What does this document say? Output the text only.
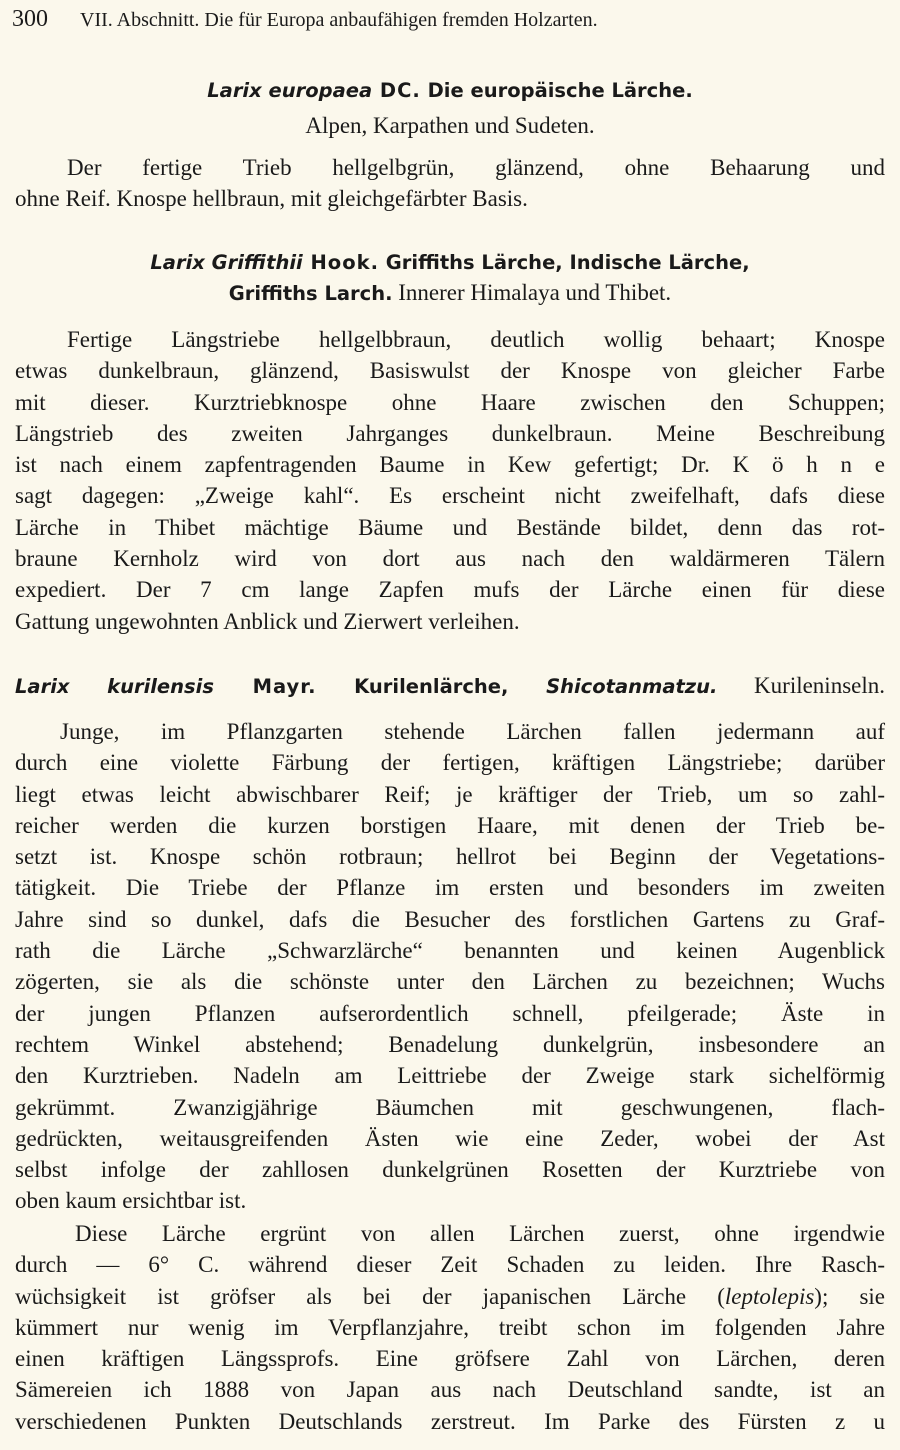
300 VII. Abschnitt. Die für Europa anbaufähigen fremden Holzarten.
Larix europaea DC. Die europäische Lärche.
Alpen, Karpathen und Sudeten.
Der fertige Trieb hellgelbgrün, glänzend, ohne Behaarung und
ohne Reif. Knospe hellbraun, mit gleichgefärbter Basis.
Larix Griffithii Hook. Griffiths Lärche, Indische Lärche,
Griffiths Larch. Innerer Himalaya und Thibet.
Fertige Längstriebe hellgelbbraun, deutlich wollig behaart; Knospe
etwas dunkelbraun, glänzend, Basiswulst der Knospe von gleicher Farbe
mit dieser. Kurztriebknospe ohne Haare zwischen den Schuppen;
Längstrieb des zweiten Jahrganges dunkelbraun. Meine Beschreibung
ist nach einem zapfentragenden Baume in Kew gefertigt; Dr. K ö h n e
sagt dagegen: „Zweige kahl“. Es erscheint nicht zweifelhaft, dafs diese
Lärche in Thibet mächtige Bäume und Bestände bildet, denn das rot-
braune Kernholz wird von dort aus nach den waldärmeren Tälern
expediert. Der 7 cm lange Zapfen mufs der Lärche einen für diese
Gattung ungewohnten Anblick und Zierwert verleihen.
Larix kurilensis Mayr. Kurilenlärche, Shicotanmatzu. Kurileninseln.
Junge, im Pflanzgarten stehende Lärchen fallen jedermann auf
durch eine violette Färbung der fertigen, kräftigen Längstriebe; darüber
liegt etwas leicht abwischbarer Reif; je kräftiger der Trieb, um so zahl-
reicher werden die kurzen borstigen Haare, mit denen der Trieb be-
setzt ist. Knospe schön rotbraun; hellrot bei Beginn der Vegetations-
tätigkeit. Die Triebe der Pflanze im ersten und besonders im zweiten
Jahre sind so dunkel, dafs die Besucher des forstlichen Gartens zu Graf-
rath die Lärche „Schwarzlärche“ benannten und keinen Augenblick
zögerten, sie als die schönste unter den Lärchen zu bezeichnen; Wuchs
der jungen Pflanzen aufserordentlich schnell, pfeilgerade; Äste in
rechtem Winkel abstehend; Benadelung dunkelgrün, insbesondere an
den Kurztrieben. Nadeln am Leittriebe der Zweige stark sichelförmig
gekrümmt. Zwanzigjährige Bäumchen mit geschwungenen, flach-
gedrückten, weitausgreifenden Ästen wie eine Zeder, wobei der Ast
selbst infolge der zahllosen dunkelgrünen Rosetten der Kurztriebe von
oben kaum ersichtbar ist.
Diese Lärche ergrünt von allen Lärchen zuerst, ohne irgendwie
durch — 6° C. während dieser Zeit Schaden zu leiden. Ihre Rasch-
wüchsigkeit ist gröfser als bei der japanischen Lärche (leptolepis); sie
kümmert nur wenig im Verpflanzjahre, treibt schon im folgenden Jahre
einen kräftigen Längssprofs. Eine gröfsere Zahl von Lärchen, deren
Sämereien ich 1888 von Japan aus nach Deutschland sandte, ist an
verschiedenen Punkten Deutschlands zerstreut. Im Parke des Fürsten z u
